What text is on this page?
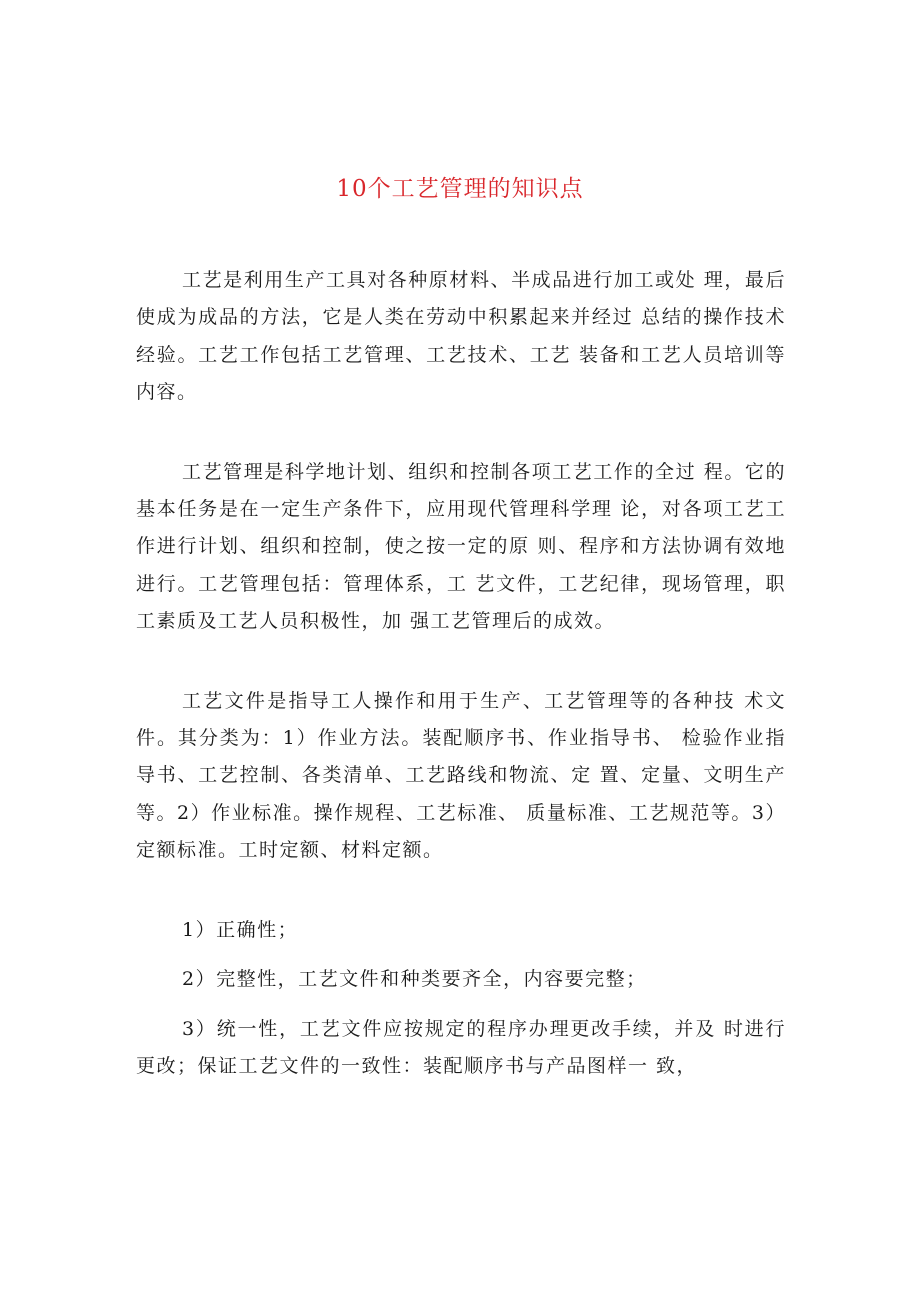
10个工艺管理的知识点

工艺是利用生产工具对各种原材料、半成品进行加工或处 理，最后使成为成品的方法，它是人类在劳动中积累起来并经过 总结的操作技术经验。工艺工作包括工艺管理、工艺技术、工艺 装备和工艺人员培训等内容。

工艺管理是科学地计划、组织和控制各项工艺工作的全过 程。它的基本任务是在一定生产条件下，应用现代管理科学理 论，对各项工艺工作进行计划、组织和控制，使之按一定的原 则、程序和方法协调有效地进行。工艺管理包括：管理体系，工 艺文件，工艺纪律，现场管理，职工素质及工艺人员积极性，加 强工艺管理后的成效。

工艺文件是指导工人操作和用于生产、工艺管理等的各种技 术文件。其分类为：1）作业方法。装配顺序书、作业指导书、 检验作业指导书、工艺控制、各类清单、工艺路线和物流、定 置、定量、文明生产等。2）作业标准。操作规程、工艺标准、 质量标准、工艺规范等。3）定额标准。工时定额、材料定额。

1）正确性；

2）完整性，工艺文件和种类要齐全，内容要完整；

3）统一性，工艺文件应按规定的程序办理更改手续，并及 时进行更改；保证工艺文件的一致性：装配顺序书与产品图样一 致，
